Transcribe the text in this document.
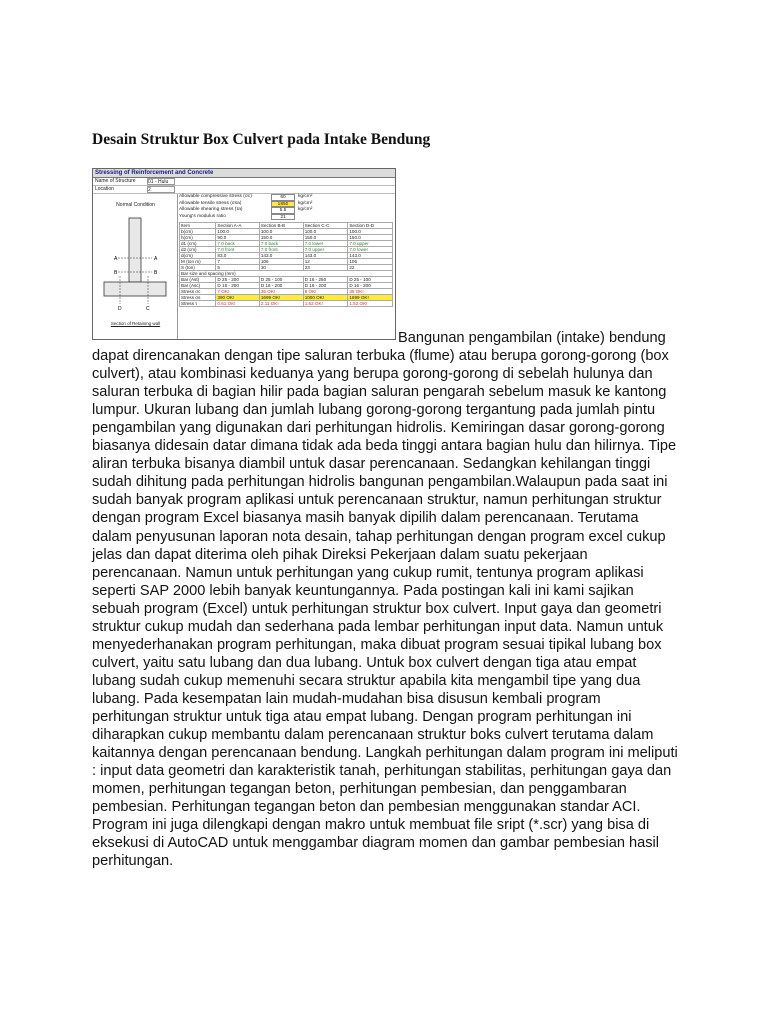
Desain Struktur Box Culvert pada Intake Bendung
Stressing of Reinforcement and Concrete
Name of Structure	01 - Hulu
Location	2
Normal Condition
A	A
B	B
D	C
Section of Retaining wall
Allowable compressive stress (σc)	60	kg/cm²
Allowable tensile stress (σsa)	1850	kg/cm²
Allowable shearing stress (τa)	5.5	kg/cm²
Young's modulus ratio	21
Item	Section A-A	Section B-B	Section C-C	Section D-D
b(cm)	100.0	100.0	100.0	100.0
h(cm)	90.0	150.0	150.0	150.0
d1 (cm)	7.0 back	7.0 back	7.0 lower	7.0 upper
d2 (cm)	7.0 front	7.0 front	7.0 upper	7.0 lower
d(cm)	83.0	143.0	143.0	143.0
M (ton m)	7	106	12	106
S (ton)	5	30	23	22
Bar size and spacing (mm)				
Bar (Ast)	D 25 - 200	D 25 - 100	D 16 - 250	D 25 - 100
Bar (Asc)	D 16 - 200	D 16 - 200	D 16 - 200	D 16 - 200
Stress σc	7 OK!	35 OK!	8 OK!	35 OK!
Stress σs	390 OK!	1699 OK!	1000 OK!	1699 OK!
Stress τ	0.61 OK!	2.11 OK!	1.62 OK!	1.52 OK!
Bangunan pengambilan (intake) bendung dapat direncanakan dengan tipe saluran terbuka (flume) atau berupa gorong-gorong (box culvert), atau kombinasi keduanya yang berupa gorong-gorong di sebelah hulunya dan saluran terbuka di bagian hilir pada bagian saluran pengarah sebelum masuk ke kantong lumpur. Ukuran lubang dan jumlah lubang gorong-gorong tergantung pada jumlah pintu pengambilan yang digunakan dari perhitungan hidrolis. Kemiringan dasar gorong-gorong biasanya didesain datar dimana tidak ada beda tinggi antara bagian hulu dan hilirnya. Tipe aliran terbuka bisanya diambil untuk dasar perencanaan. Sedangkan kehilangan tinggi sudah dihitung pada perhitungan hidrolis bangunan pengambilan.Walaupun pada saat ini sudah banyak program aplikasi untuk perencanaan struktur, namun perhitungan struktur dengan program Excel biasanya masih banyak dipilih dalam perencanaan. Terutama dalam penyusunan laporan nota desain, tahap perhitungan dengan program excel cukup jelas dan dapat diterima oleh pihak Direksi Pekerjaan dalam suatu pekerjaan perencanaan. Namun untuk perhitungan yang cukup rumit, tentunya program aplikasi seperti SAP 2000 lebih banyak keuntungannya. Pada postingan kali ini kami sajikan sebuah program (Excel) untuk perhitungan struktur box culvert. Input gaya dan geometri struktur cukup mudah dan sederhana pada lembar perhitungan input data. Namun untuk menyederhanakan program perhitungan, maka dibuat program sesuai tipikal lubang box culvert, yaitu satu lubang dan dua lubang. Untuk box culvert dengan tiga atau empat lubang sudah cukup memenuhi secara struktur apabila kita mengambil tipe yang dua lubang. Pada kesempatan lain mudah-mudahan bisa disusun kembali program perhitungan struktur untuk tiga atau empat lubang. Dengan program perhitungan ini diharapkan cukup membantu dalam perencanaan struktur boks culvert terutama dalam kaitannya dengan perencanaan bendung. Langkah perhitungan dalam program ini meliputi : input data geometri dan karakteristik tanah, perhitungan stabilitas, perhitungan gaya dan momen, perhitungan tegangan beton, perhitungan pembesian, dan penggambaran pembesian. Perhitungan tegangan beton dan pembesian menggunakan standar ACI. Program ini juga dilengkapi dengan makro untuk membuat file sript (*.scr) yang bisa di eksekusi di AutoCAD untuk menggambar diagram momen dan gambar pembesian hasil perhitungan.
